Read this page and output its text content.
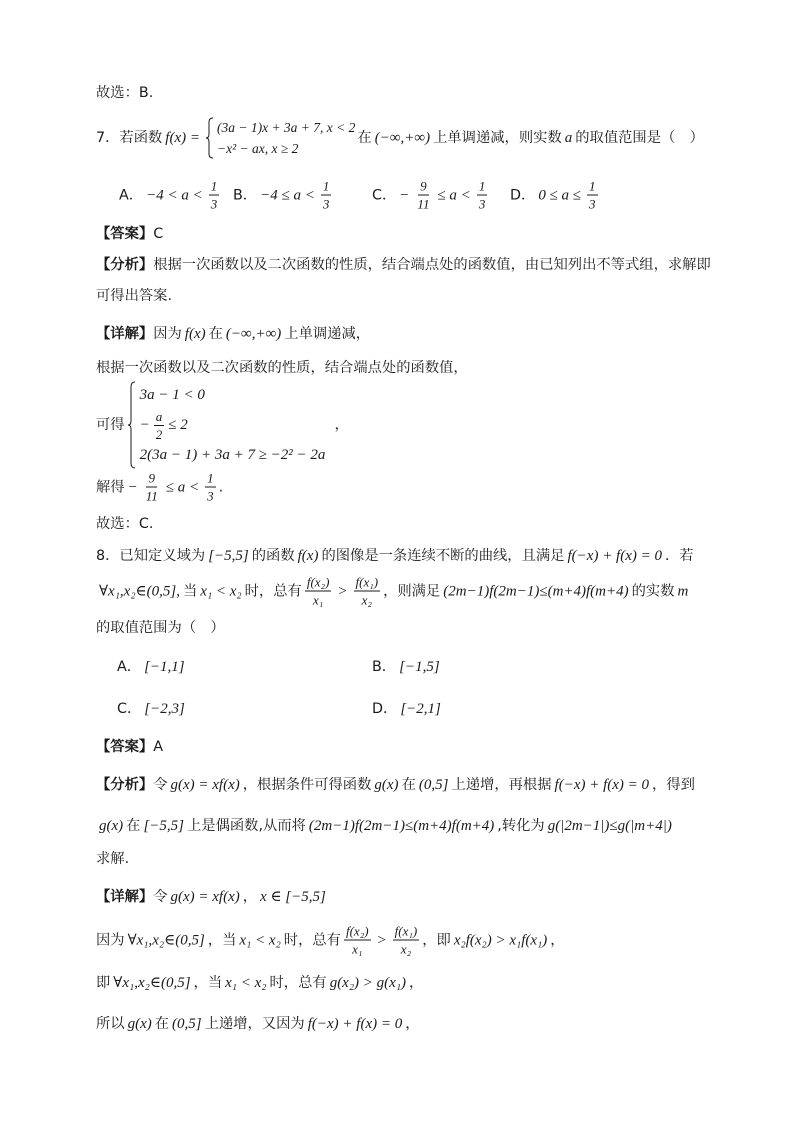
故选：B.
7． 若函数 f(x) =
(3a − 1)x + 3a + 7, x < 2
−x² − ax, x ≥ 2
在 (−∞,+∞) 上单调递减，则实数 a 的取值范围是（　）
A． $-4 < a < \frac{1}{3}$ B． $-4 \le a < \frac{1}{3}$	C． − $\frac{9}{11} \le a < \frac{1}{3}$ D． $0 \le a \le \frac{1}{3}$
【答案】 C
【分析】 根据一次函数以及二次函数的性质，结合端点处的函数值，由已知列出不等式组，求解即
可得出答案.
【详解】 因为 f(x) 在 (−∞,+∞) 上单调递减，
根据一次函数以及二次函数的性质，结合端点处的函数值，
可得
3a − 1 < 0
− $\frac{a}{2} \le 2$
2(3a − 1) + 3a + 7 ≥ −2² − 2a
，
解得 − $\frac{9}{11} \le a < \frac{1}{3}$ .
故选：C.
8． 已知定义域为 [−5,5] 的函数 f(x) 的图像是一条连续不断的曲线，且满足 f(−x) + f(x) = 0 ．若
∀x₁,x₂∈(0,5], 当 x₁ < x₂ 时，总有 $\frac{\text{f(x₂)}}{\text{x₁}} > \frac{\text{f(x₁)}}{\text{x₂}}$ ，则满足 (2m−1)f(2m−1)≤(m+4)f(m+4) 的实数 m
的取值范围为（　）
A． [−1,1]	B． [−1,5]
C． [−2,3]	D． [−2,1]
【答案】 A
【分析】 令 g(x) = xf(x) ，根据条件可得函数 g(x) 在 (0,5] 上递增，再根据 f(−x) + f(x) = 0 ，得到
g(x) 在 [−5,5] 上是偶函数,从而将 (2m−1)f(2m−1)≤(m+4)f(m+4) ,转化为 g(|2m−1|)≤g(|m+4|)
求解.
【详解】 令 g(x) = xf(x) ， x ∈ [−5,5]
因为 ∀x₁,x₂∈(0,5] ，当 x₁ < x₂ 时，总有 $\frac{\text{f(x₂)}}{\text{x₁}} > \frac{\text{f(x₁)}}{\text{x₂}}$ ，即 x₂f(x₂) > x₁f(x₁) ，
即 ∀x₁,x₂∈(0,5] ，当 x₁ < x₂ 时，总有 g(x₂) > g(x₁) ，
所以 g(x) 在 (0,5] 上递增，又因为 f(−x) + f(x) = 0 ，
